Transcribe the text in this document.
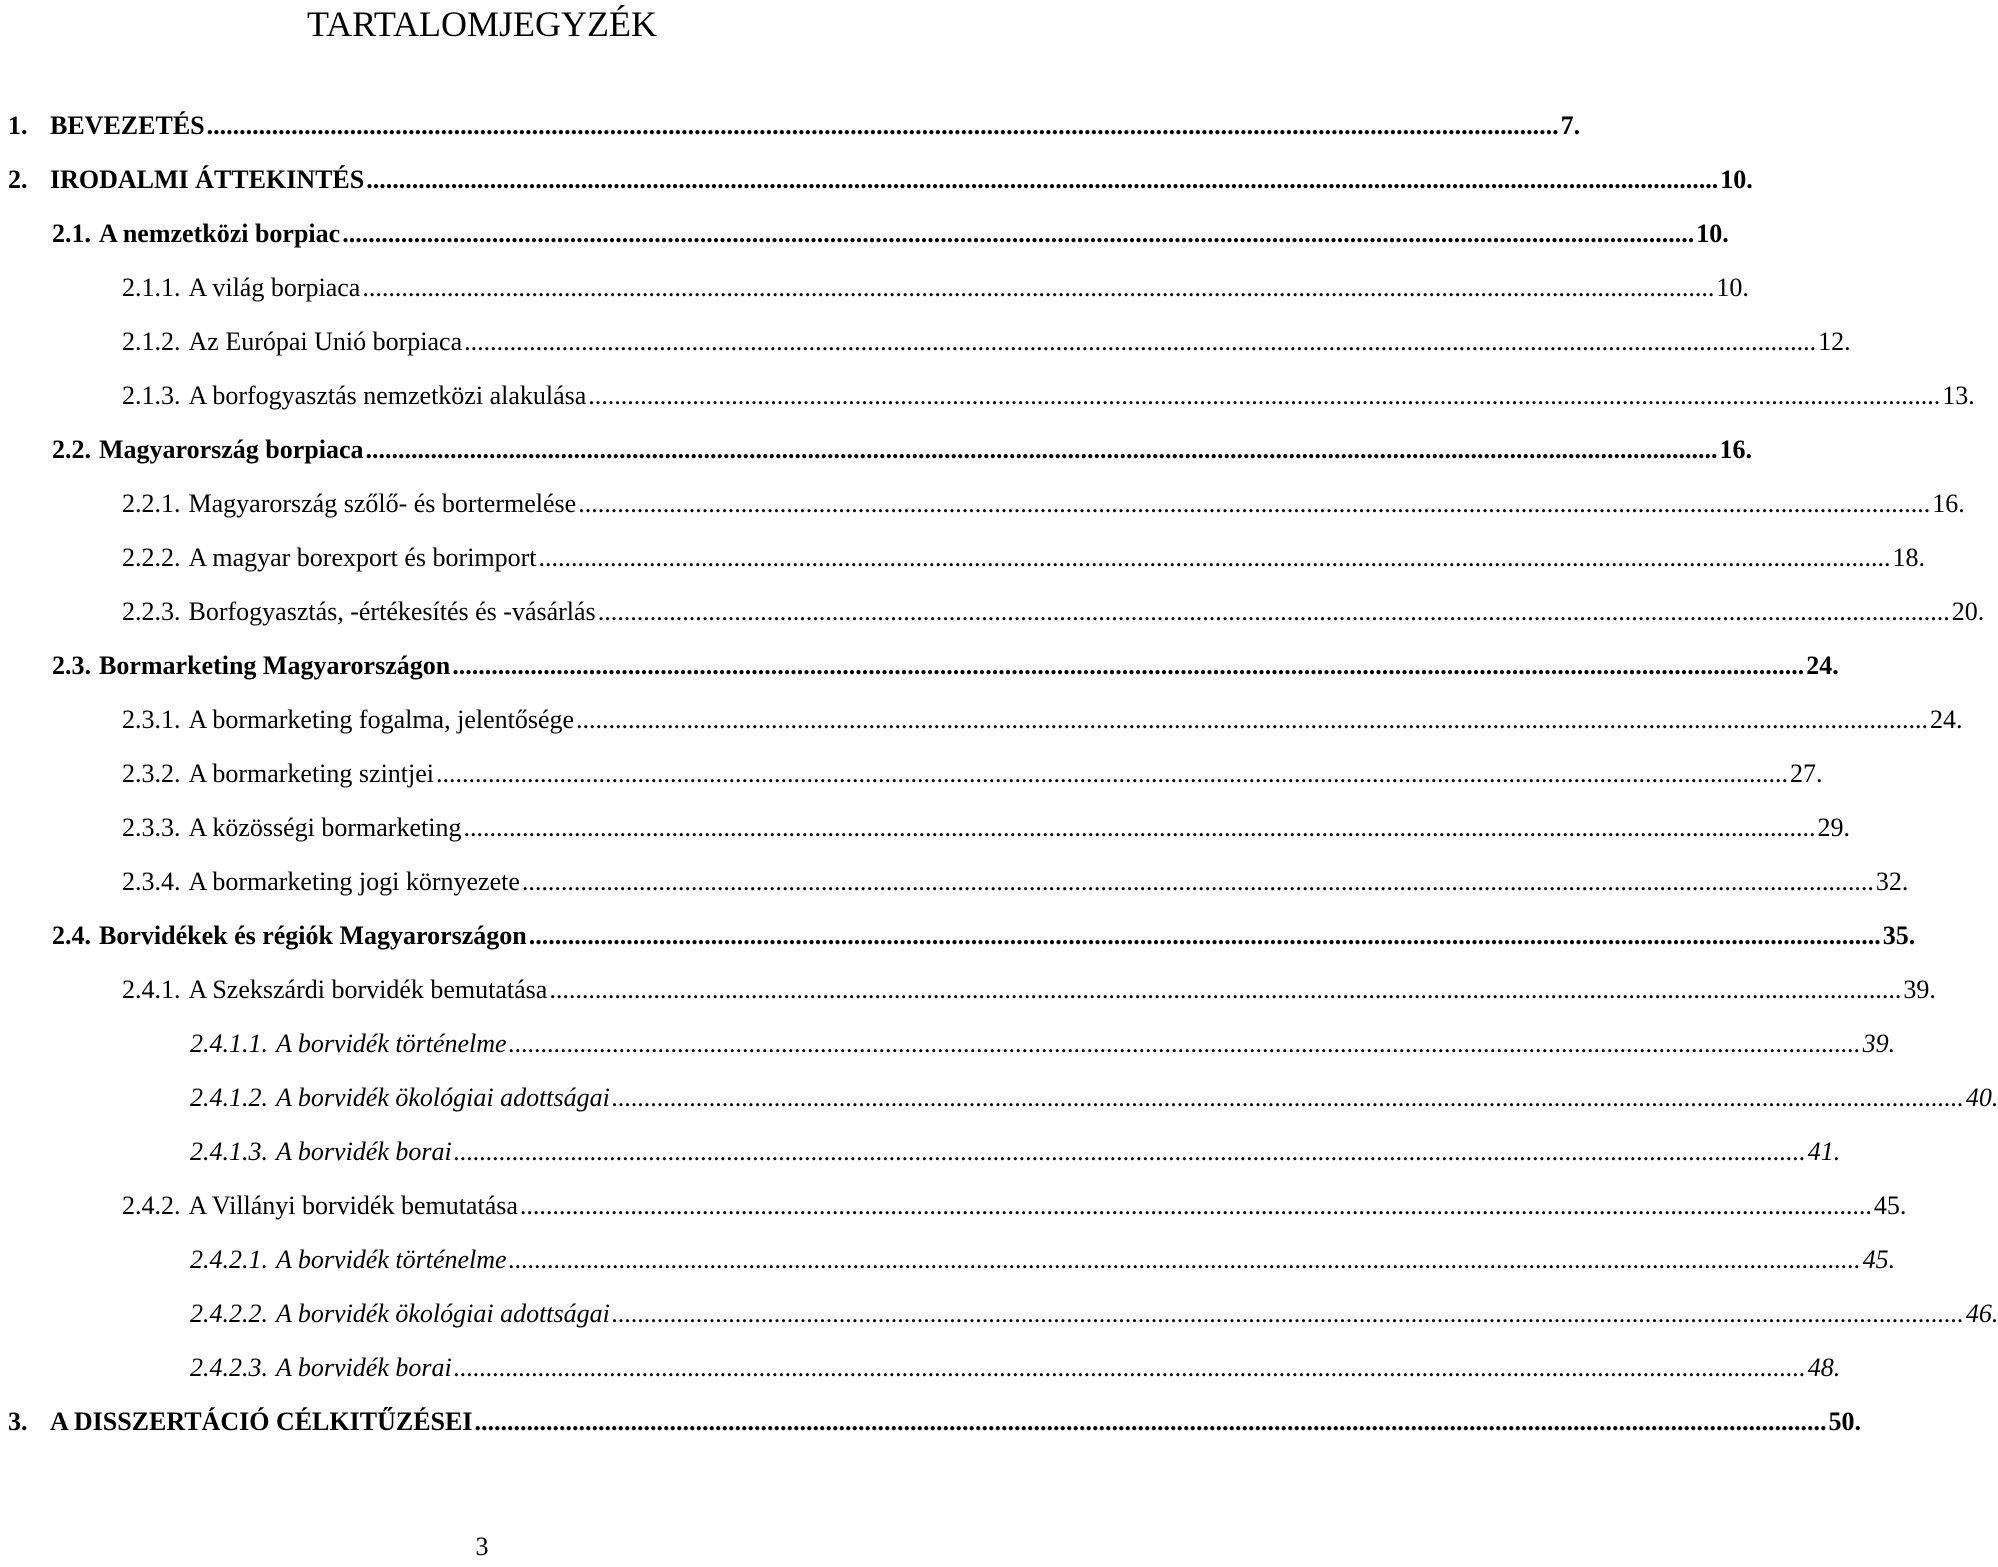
TARTALOMJEGYZÉK
1. BEVEZETÉS .....	7.
2. IRODALMI ÁTTEKINTÉS .....	10.
2.1. A nemzetközi borpiac .....	10.
2.1.1. A világ borpiaca .....	10.
2.1.2. Az Európai Unió borpiaca .....	12.
2.1.3. A borfogyasztás nemzetközi alakulása .....	13.
2.2. Magyarország borpiaca .....	16.
2.2.1. Magyarország szőlő- és bortermelése .....	16.
2.2.2. A magyar borexport és borimport .....	18.
2.2.3. Borfogyasztás, -értékesítés és -vásárlás .....	20.
2.3. Bormarketing Magyarországon .....	24.
2.3.1. A bormarketing fogalma, jelentősége .....	24.
2.3.2. A bormarketing szintjei .....	27.
2.3.3. A közösségi bormarketing .....	29.
2.3.4. A bormarketing jogi környezete .....	32.
2.4. Borvidékek és régiók Magyarországon .....	35.
2.4.1. A Szekszárdi borvidék bemutatása .....	39.
2.4.1.1. A borvidék történelme .....	39.
2.4.1.2. A borvidék ökológiai adottságai .....	40.
2.4.1.3. A borvidék borai .....	41.
2.4.2. A Villányi borvidék bemutatása .....	45.
2.4.2.1. A borvidék történelme .....	45.
2.4.2.2. A borvidék ökológiai adottságai .....	46.
2.4.2.3. A borvidék borai .....	48.
3. A DISSZERTÁCIÓ CÉLKITŰZÉSEI .....	50.
3
